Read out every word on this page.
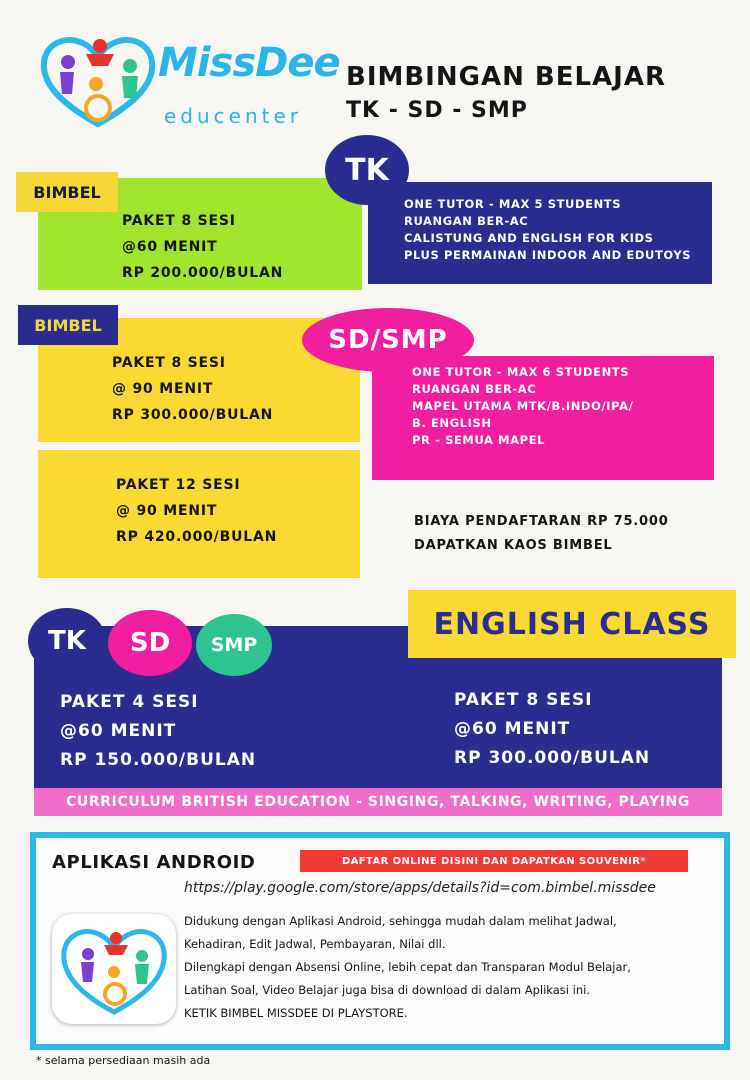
MissDee
educenter
BIMBINGAN BELAJAR
TK - SD - SMP
BIMBEL
PAKET 8 SESI
@60 MENIT
RP 200.000/BULAN
TK
ONE TUTOR - MAX 5 STUDENTS
RUANGAN BER-AC
CALISTUNG AND ENGLISH FOR KIDS
PLUS PERMAINAN INDOOR AND EDUTOYS
BIMBEL
PAKET 8 SESI
@ 90 MENIT
RP 300.000/BULAN
PAKET 12 SESI
@ 90 MENIT
RP 420.000/BULAN
SD/SMP
ONE TUTOR - MAX 6 STUDENTS
RUANGAN BER-AC
MAPEL UTAMA MTK/B.INDO/IPA/
B. ENGLISH
PR - SEMUA MAPEL
BIAYA PENDAFTARAN RP 75.000
DAPATKAN KAOS BIMBEL
ENGLISH CLASS
TK	SD	SMP
PAKET 4 SESI
@60 MENIT
RP 150.000/BULAN
PAKET 8 SESI
@60 MENIT
RP 300.000/BULAN
CURRICULUM BRITISH EDUCATION - SINGING, TALKING, WRITING, PLAYING
APLIKASI ANDROID	DAFTAR ONLINE DISINI DAN DAPATKAN SOUVENIR*
https://play.google.com/store/apps/details?id=com.bimbel.missdee
Didukung dengan Aplikasi Android, sehingga mudah dalam melihat Jadwal,
Kehadiran, Edit Jadwal, Pembayaran, Nilai dll.
Dilengkapi dengan Absensi Online, lebih cepat dan Transparan Modul Belajar,
Latihan Soal, Video Belajar juga bisa di download di dalam Aplikasi ini.
KETIK BIMBEL MISSDEE DI PLAYSTORE.
* selama persediaan masih ada
